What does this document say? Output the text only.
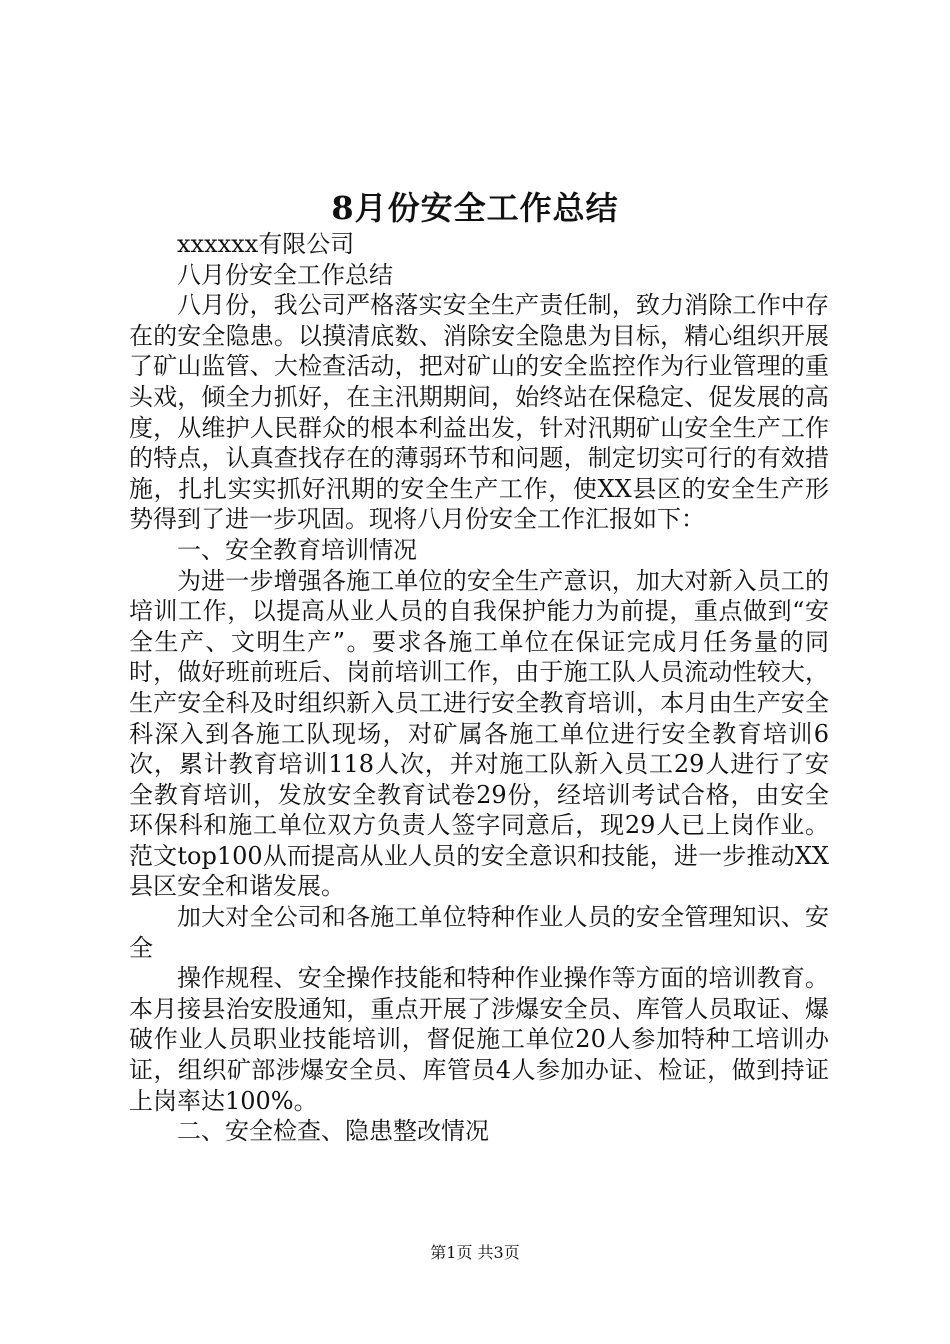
8月份安全工作总结

xxxxxx有限公司

八月份安全工作总结

八月份，我公司严格落实安全生产责任制，致力消除工作中存在的安全隐患。以摸清底数、消除安全隐患为目标，精心组织开展了矿山监管、大检查活动，把对矿山的安全监控作为行业管理的重头戏，倾全力抓好，在主汛期期间，始终站在保稳定、促发展的高度，从维护人民群众的根本利益出发，针对汛期矿山安全生产工作的特点，认真查找存在的薄弱环节和问题，制定切实可行的有效措施，扎扎实实抓好汛期的安全生产工作，使XX县区的安全生产形势得到了进一步巩固。现将八月份安全工作汇报如下：

一、安全教育培训情况

为进一步增强各施工单位的安全生产意识，加大对新入员工的培训工作，以提高从业人员的自我保护能力为前提，重点做到“安全生产、文明生产”。要求各施工单位在保证完成月任务量的同时，做好班前班后、岗前培训工作，由于施工队人员流动性较大，生产安全科及时组织新入员工进行安全教育培训，本月由生产安全科深入到各施工队现场，对矿属各施工单位进行安全教育培训6次，累计教育培训118人次，并对施工队新入员工29人进行了安全教育培训，发放安全教育试卷29份，经培训考试合格，由安全环保科和施工单位双方负责人签字同意后，现29人已上岗作业。范文top100从而提高从业人员的安全意识和技能，进一步推动XX县区安全和谐发展。

加大对全公司和各施工单位特种作业人员的安全管理知识、安全

操作规程、安全操作技能和特种作业操作等方面的培训教育。本月接县治安股通知，重点开展了涉爆安全员、库管人员取证、爆破作业人员职业技能培训，督促施工单位20人参加特种工培训办证，组织矿部涉爆安全员、库管员4人参加办证、检证，做到持证上岗率达100%。

二、安全检查、隐患整改情况

第1页 共3页
